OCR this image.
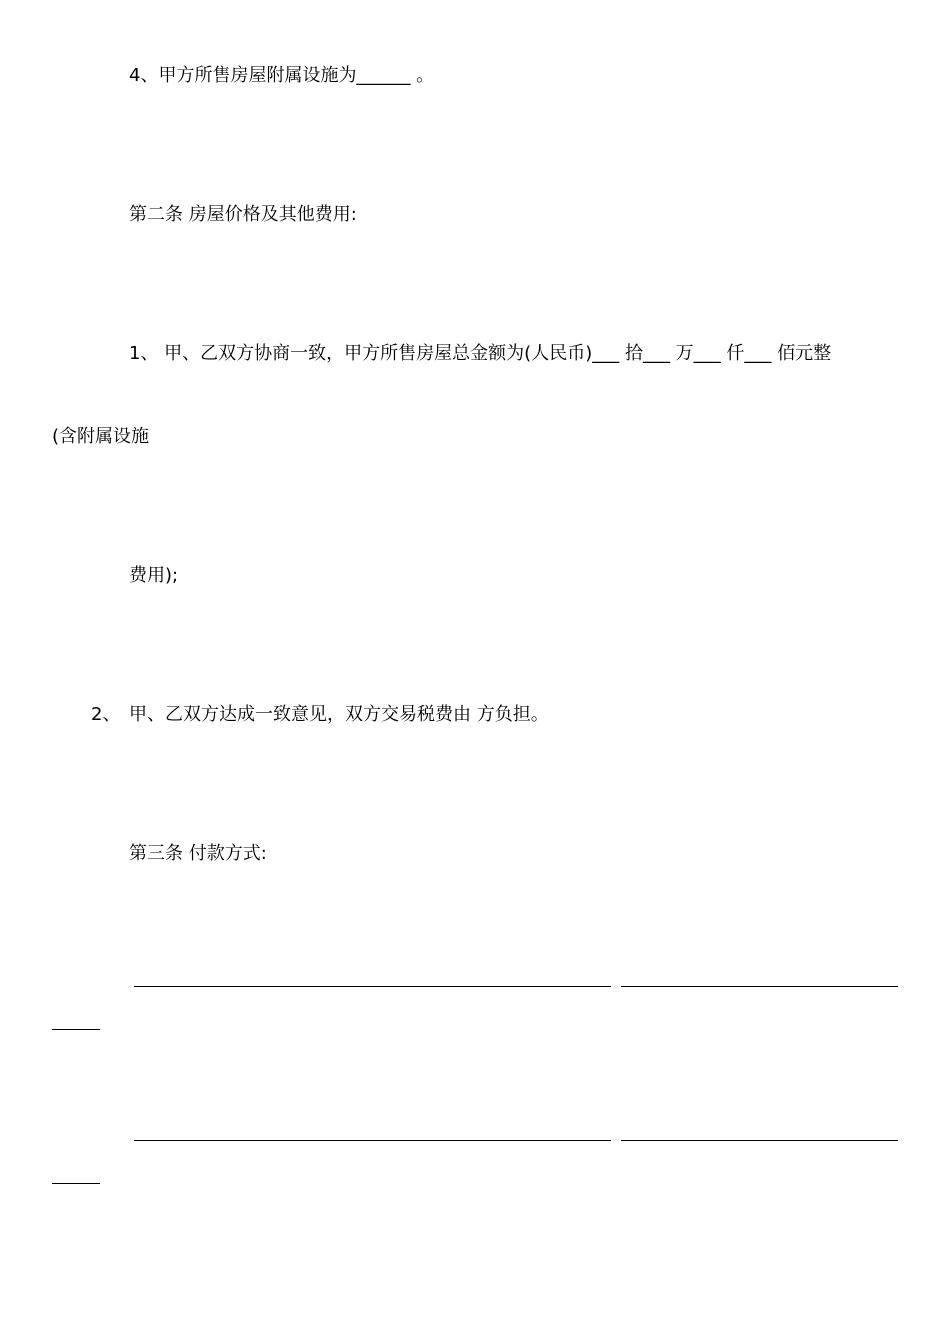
4、甲方所售房屋附属设施为______ 。
第二条 房屋价格及其他费用:
1、 甲、乙双方协商一致，甲方所售房屋总金额为(人民币)___ 拾___ 万___ 仟___ 佰元整
(含附属设施
费用);
2、 甲、乙双方达成一致意见，双方交易税费由 方负担。
第三条 付款方式:
